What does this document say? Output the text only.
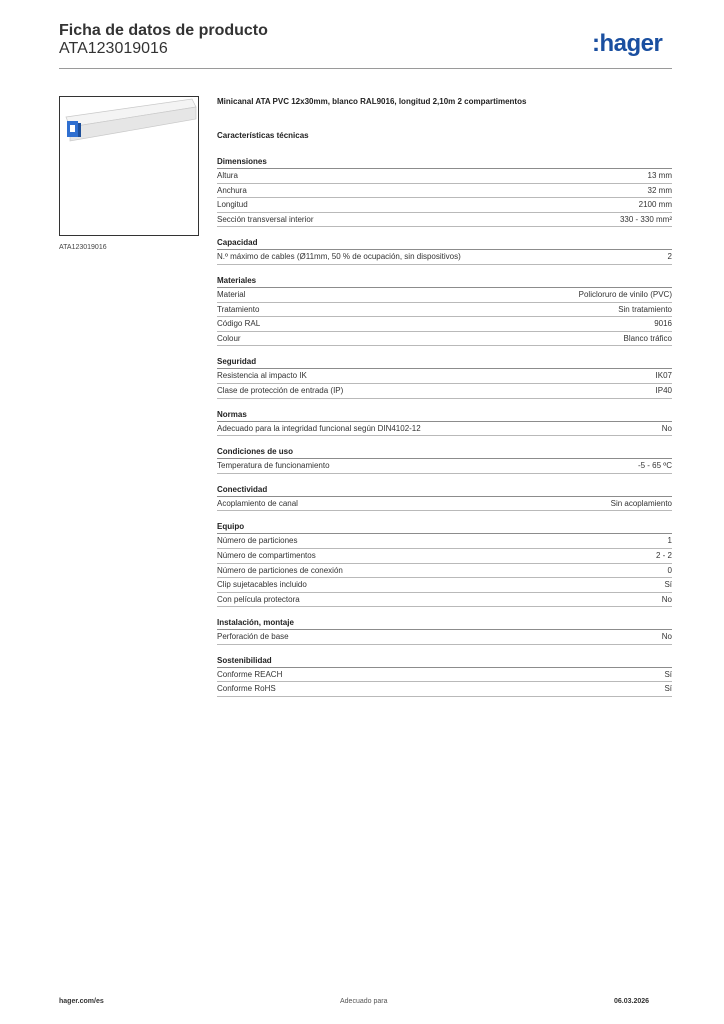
Ficha de datos de producto
ATA123019016	:hager
ATA123019016
Minicanal ATA PVC 12x30mm, blanco RAL9016, longitud 2,10m 2 compartimentos
Características técnicas
Dimensiones
Altura	13 mm
Anchura	32 mm
Longitud	2100 mm
Sección transversal interior	330 - 330 mm²
Capacidad
N.º máximo de cables (Ø11mm, 50 % de ocupación, sin dispositivos)	2
Materiales
Material	Policloruro de vinilo (PVC)
Tratamiento	Sin tratamiento
Código RAL	9016
Colour	Blanco tráfico
Seguridad
Resistencia al impacto IK	IK07
Clase de protección de entrada (IP)	IP40
Normas
Adecuado para la integridad funcional según DIN4102-12	No
Condiciones de uso
Temperatura de funcionamiento	-5 - 65 ºC
Conectividad
Acoplamiento de canal	Sin acoplamiento
Equipo
Número de particiones	1
Número de compartimentos	2 - 2
Número de particiones de conexión	0
Clip sujetacables incluido	Sí
Con película protectora	No
Instalación, montaje
Perforación de base	No
Sostenibilidad
Conforme REACH	Sí
Conforme RoHS	Sí
hager.com/es	Adecuado para	06.03.2026
